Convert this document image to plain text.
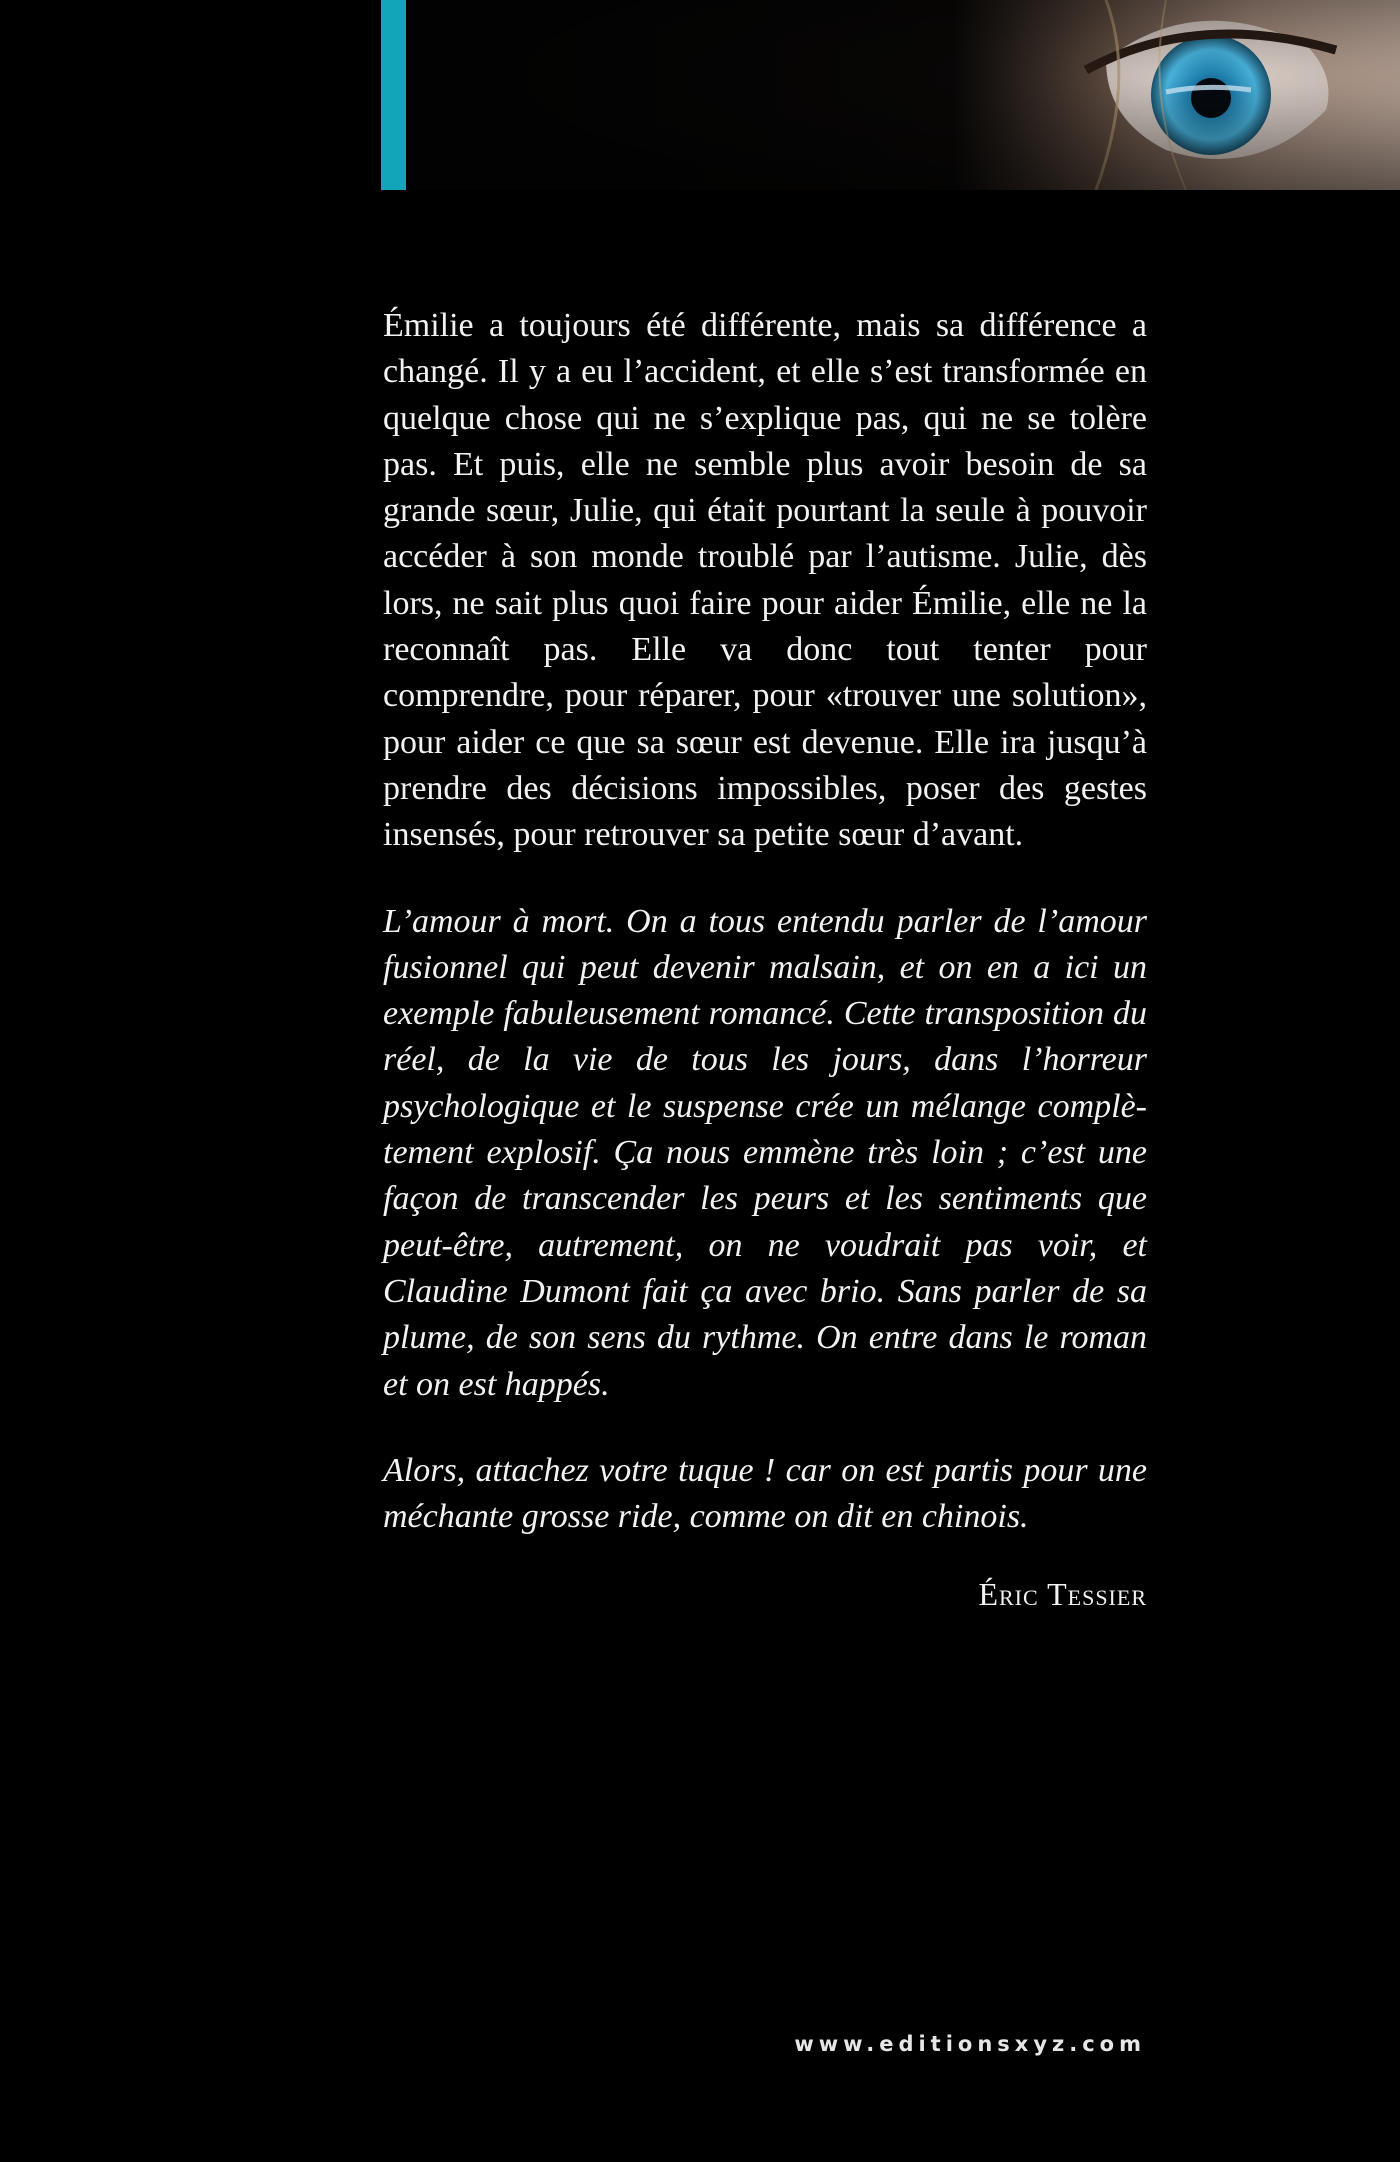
Émilie a toujours été différente, mais sa différence a changé. Il y a eu l’accident, et elle s’est transformée en quelque chose qui ne s’explique pas, qui ne se tolère pas. Et puis, elle ne semble plus avoir besoin de sa grande sœur, Julie, qui était pourtant la seule à pouvoir accéder à son monde troublé par l’autisme. Julie, dès lors, ne sait plus quoi faire pour aider Émilie, elle ne la reconnaît pas. Elle va donc tout tenter pour comprendre, pour réparer, pour «trouver une solution», pour aider ce que sa sœur est devenue. Elle ira jusqu’à prendre des décisions impossibles, poser des gestes insensés, pour retrouver sa petite sœur d’avant.

L’amour à mort. On a tous entendu parler de l’amour fusionnel qui peut devenir malsain, et on en a ici un exemple fabuleusement romancé. Cette transposition du réel, de la vie de tous les jours, dans l’horreur psychologique et le suspense crée un mélange complètement explosif. Ça nous emmène très loin ; c’est une façon de transcender les peurs et les sentiments que peut-être, autrement, on ne voudrait pas voir, et Claudine Dumont fait ça avec brio. Sans parler de sa plume, de son sens du rythme. On entre dans le roman et on est happés.

Alors, attachez votre tuque ! car on est partis pour une méchante grosse ride, comme on dit en chinois.

Éric Tessier
www.editionsxyz.com
